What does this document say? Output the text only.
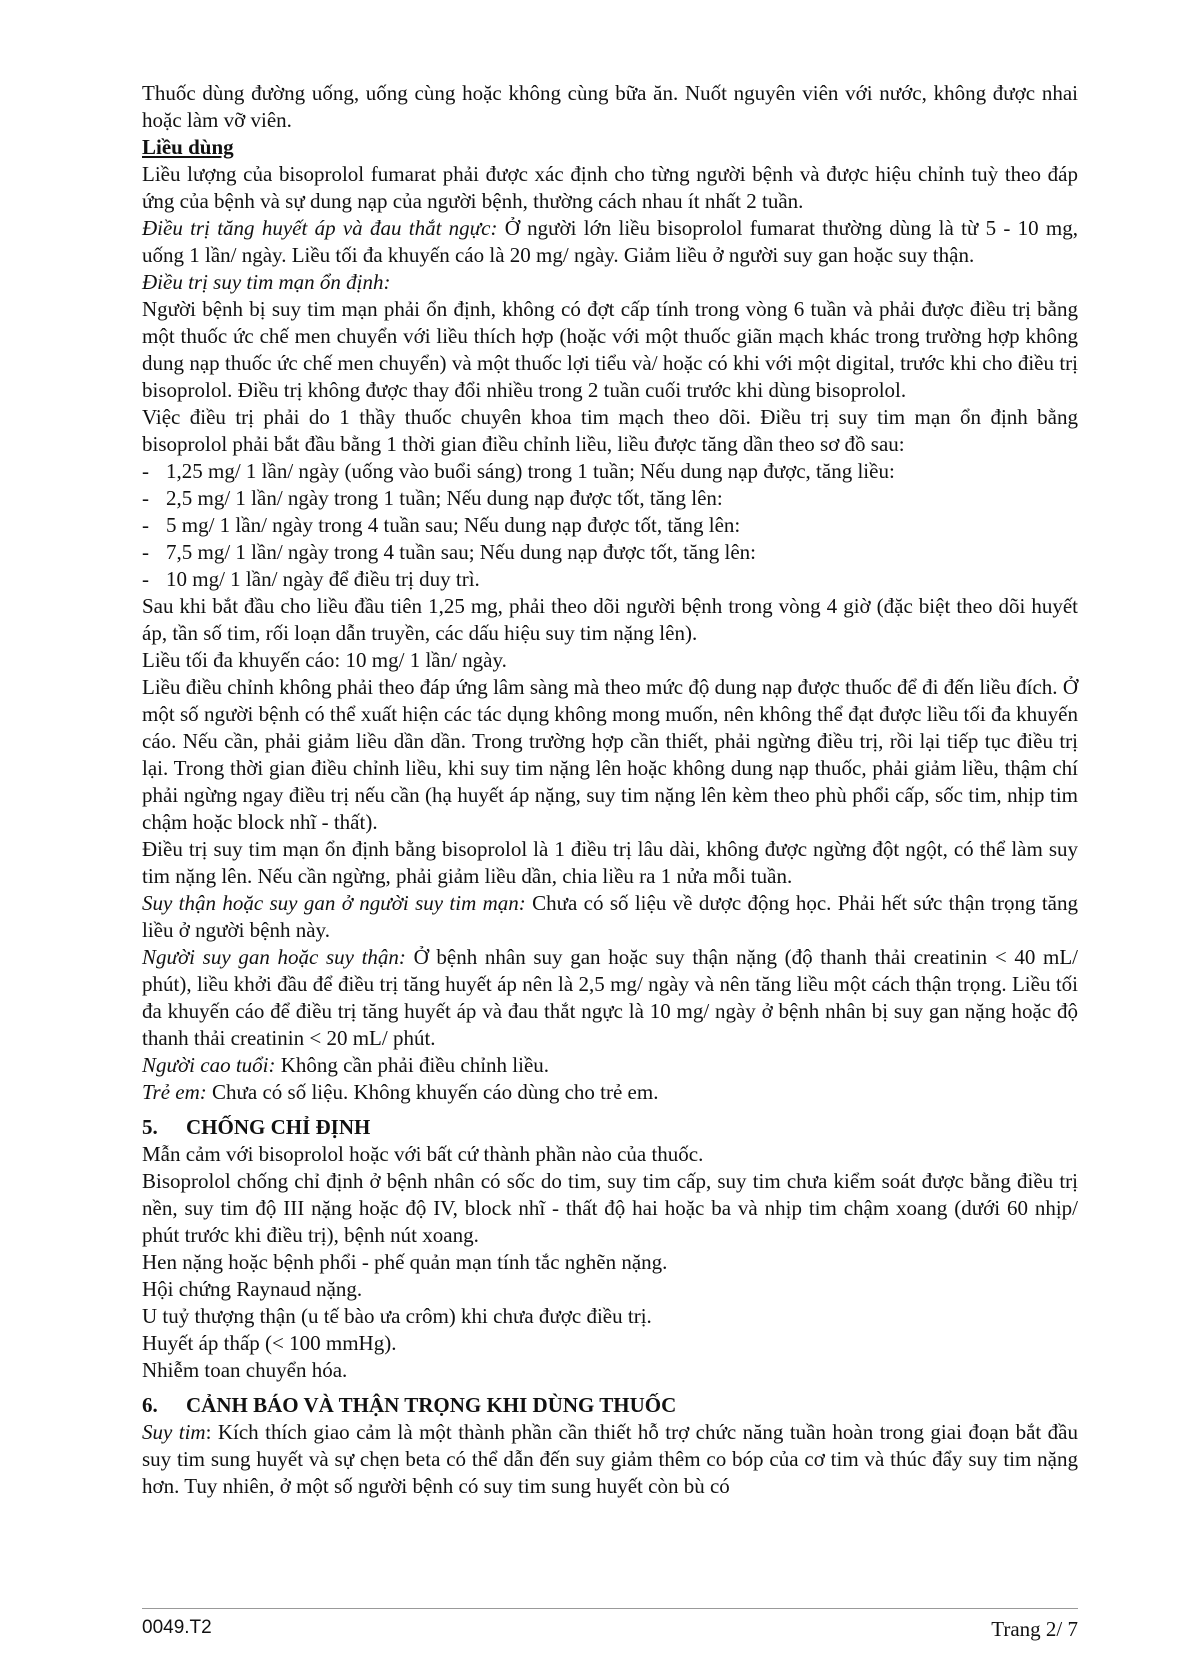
Thuốc dùng đường uống, uống cùng hoặc không cùng bữa ăn. Nuốt nguyên viên với nước, không được nhai hoặc làm vỡ viên.

Liều dùng

Liều lượng của bisoprolol fumarat phải được xác định cho từng người bệnh và được hiệu chỉnh tuỳ theo đáp ứng của bệnh và sự dung nạp của người bệnh, thường cách nhau ít nhất 2 tuần.

Điều trị tăng huyết áp và đau thắt ngực: Ở người lớn liều bisoprolol fumarat thường dùng là từ 5 - 10 mg, uống 1 lần/ ngày. Liều tối đa khuyến cáo là 20 mg/ ngày. Giảm liều ở người suy gan hoặc suy thận.

Điều trị suy tim mạn ổn định:

Người bệnh bị suy tim mạn phải ổn định, không có đợt cấp tính trong vòng 6 tuần và phải được điều trị bằng một thuốc ức chế men chuyển với liều thích hợp (hoặc với một thuốc giãn mạch khác trong trường hợp không dung nạp thuốc ức chế men chuyển) và một thuốc lợi tiểu và/ hoặc có khi với một digital, trước khi cho điều trị bisoprolol. Điều trị không được thay đổi nhiều trong 2 tuần cuối trước khi dùng bisoprolol.

Việc điều trị phải do 1 thầy thuốc chuyên khoa tim mạch theo dõi. Điều trị suy tim mạn ổn định bằng bisoprolol phải bắt đầu bằng 1 thời gian điều chỉnh liều, liều được tăng dần theo sơ đồ sau:

- 1,25 mg/ 1 lần/ ngày (uống vào buổi sáng) trong 1 tuần; Nếu dung nạp được, tăng liều:
- 2,5 mg/ 1 lần/ ngày trong 1 tuần; Nếu dung nạp được tốt, tăng lên:
- 5 mg/ 1 lần/ ngày trong 4 tuần sau; Nếu dung nạp được tốt, tăng lên:
- 7,5 mg/ 1 lần/ ngày trong 4 tuần sau; Nếu dung nạp được tốt, tăng lên:
- 10 mg/ 1 lần/ ngày để điều trị duy trì.

Sau khi bắt đầu cho liều đầu tiên 1,25 mg, phải theo dõi người bệnh trong vòng 4 giờ (đặc biệt theo dõi huyết áp, tần số tim, rối loạn dẫn truyền, các dấu hiệu suy tim nặng lên).

Liều tối đa khuyến cáo: 10 mg/ 1 lần/ ngày.

Liều điều chỉnh không phải theo đáp ứng lâm sàng mà theo mức độ dung nạp được thuốc để đi đến liều đích. Ở một số người bệnh có thể xuất hiện các tác dụng không mong muốn, nên không thể đạt được liều tối đa khuyến cáo. Nếu cần, phải giảm liều dần dần. Trong trường hợp cần thiết, phải ngừng điều trị, rồi lại tiếp tục điều trị lại. Trong thời gian điều chỉnh liều, khi suy tim nặng lên hoặc không dung nạp thuốc, phải giảm liều, thậm chí phải ngừng ngay điều trị nếu cần (hạ huyết áp nặng, suy tim nặng lên kèm theo phù phổi cấp, sốc tim, nhịp tim chậm hoặc block nhĩ - thất).

Điều trị suy tim mạn ổn định bằng bisoprolol là 1 điều trị lâu dài, không được ngừng đột ngột, có thể làm suy tim nặng lên. Nếu cần ngừng, phải giảm liều dần, chia liều ra 1 nửa mỗi tuần.

Suy thận hoặc suy gan ở người suy tim mạn: Chưa có số liệu về dược động học. Phải hết sức thận trọng tăng liều ở người bệnh này.

Người suy gan hoặc suy thận: Ở bệnh nhân suy gan hoặc suy thận nặng (độ thanh thải creatinin < 40 mL/ phút), liều khởi đầu để điều trị tăng huyết áp nên là 2,5 mg/ ngày và nên tăng liều một cách thận trọng. Liều tối đa khuyến cáo để điều trị tăng huyết áp và đau thắt ngực là 10 mg/ ngày ở bệnh nhân bị suy gan nặng hoặc độ thanh thải creatinin < 20 mL/ phút.

Người cao tuổi: Không cần phải điều chỉnh liều.

Trẻ em: Chưa có số liệu. Không khuyến cáo dùng cho trẻ em.

5.	CHỐNG CHỈ ĐỊNH

Mẫn cảm với bisoprolol hoặc với bất cứ thành phần nào của thuốc.

Bisoprolol chống chỉ định ở bệnh nhân có sốc do tim, suy tim cấp, suy tim chưa kiểm soát được bằng điều trị nền, suy tim độ III nặng hoặc độ IV, block nhĩ - thất độ hai hoặc ba và nhịp tim chậm xoang (dưới 60 nhịp/ phút trước khi điều trị), bệnh nút xoang.

Hen nặng hoặc bệnh phổi - phế quản mạn tính tắc nghẽn nặng.

Hội chứng Raynaud nặng.

U tuỷ thượng thận (u tế bào ưa crôm) khi chưa được điều trị.

Huyết áp thấp (< 100 mmHg).

Nhiễm toan chuyển hóa.

6.	CẢNH BÁO VÀ THẬN TRỌNG KHI DÙNG THUỐC

Suy tim: Kích thích giao cảm là một thành phần cần thiết hỗ trợ chức năng tuần hoàn trong giai đoạn bắt đầu suy tim sung huyết và sự chẹn beta có thể dẫn đến suy giảm thêm co bóp của cơ tim và thúc đẩy suy tim nặng hơn. Tuy nhiên, ở một số người bệnh có suy tim sung huyết còn bù có

0049.T2	Trang 2/ 7
